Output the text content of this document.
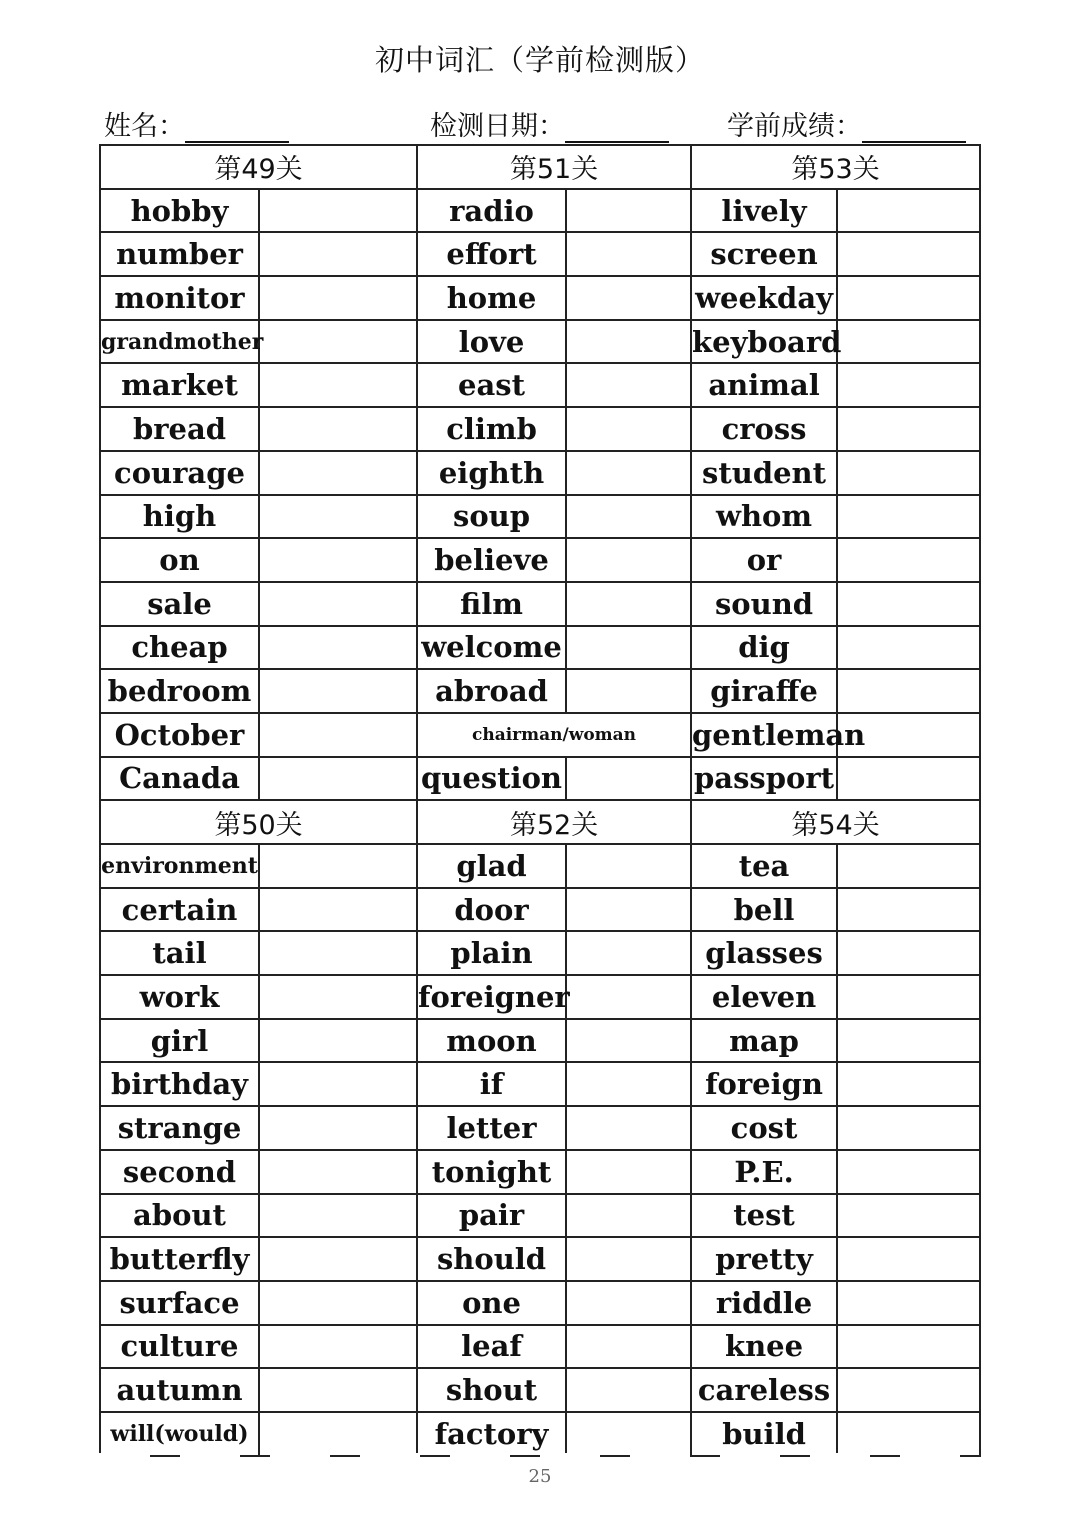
初中词汇（学前检测版）
姓名：	检测日期：	学前成绩：
第49关		第51关		第53关	
hobby		radio		lively	
number		effort		screen	
monitor		home		weekday	
grandmother		love		keyboard	
market		east		animal	
bread		climb		cross	
courage		eighth		student	
high		soup		whom	
on		believe		or	
sale		film		sound	
cheap		welcome		dig	
bedroom		abroad		giraffe	
October		chairman/woman		gentleman	
Canada		question		passport	
第50关		第52关		第54关	
environment		glad		tea	
certain		door		bell	
tail		plain		glasses	
work		foreigner		eleven	
girl		moon		map	
birthday		if		foreign	
strange		letter		cost	
second		tonight		P.E.	
about		pair		test	
butterfly		should		pretty	
surface		one		riddle	
culture		leaf		knee	
autumn		shout		careless	
will(would)		factory		build	
25
